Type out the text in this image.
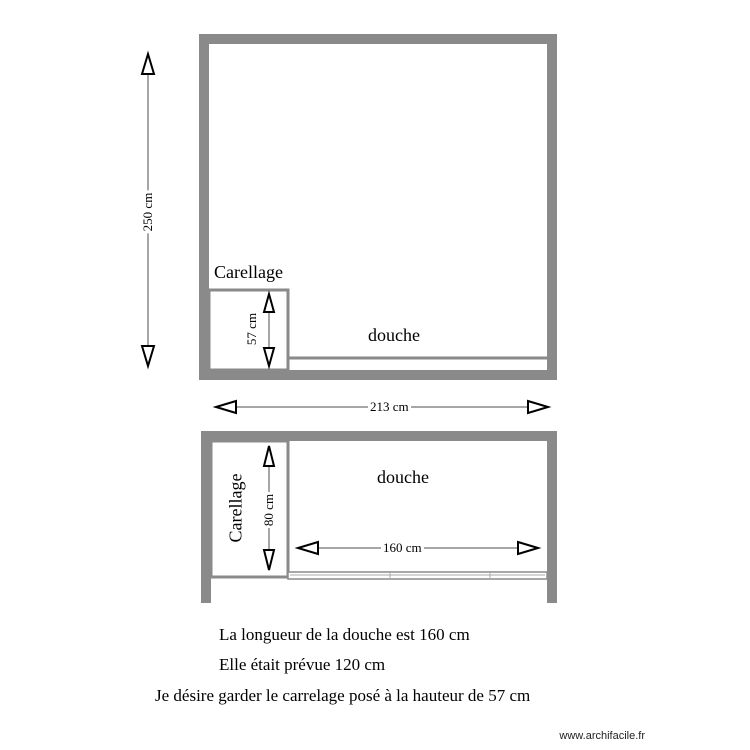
Carellage
douche
250 cm
57 cm
213 cm
Carellage	douche
80 cm
160 cm
La longueur de la douche est 160 cm
Elle était prévue 120 cm
Je désire garder le carrelage posé à la hauteur de 57 cm
www.archifacile.fr
